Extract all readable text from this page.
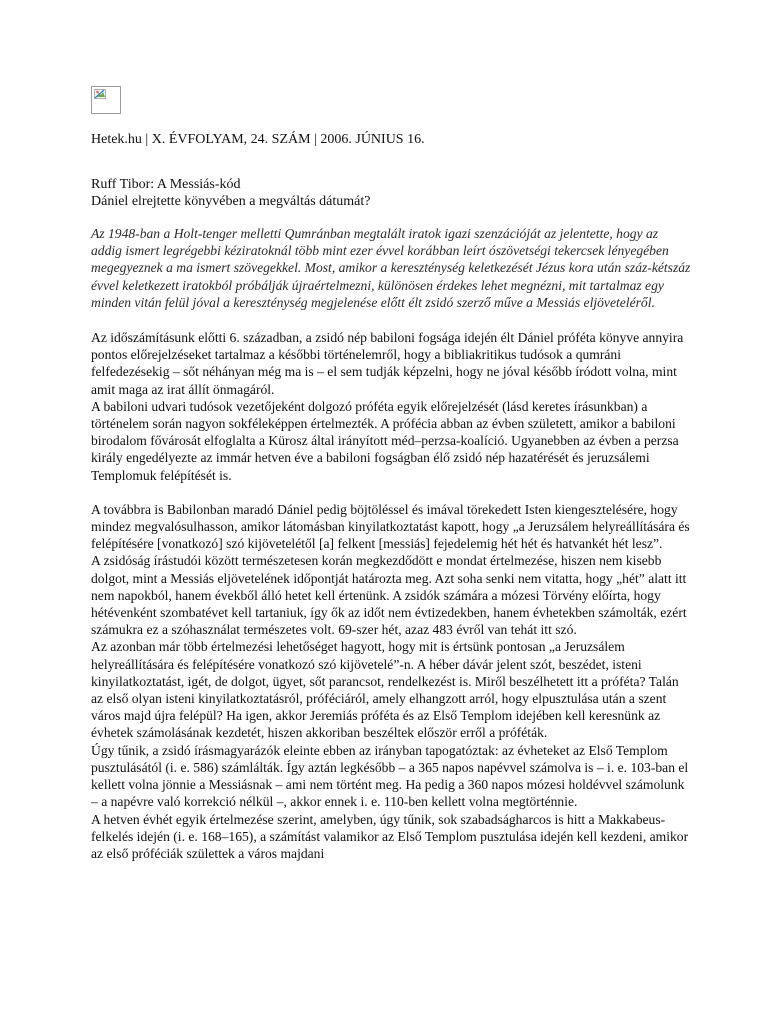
Hetek.hu | X. ÉVFOLYAM, 24. SZÁM | 2006. JÚNIUS 16.
Ruff Tibor: A Messiás-kód
Dániel elrejtette könyvében a megváltás dátumát?

Az 1948-ban a Holt-tenger melletti Qumránban megtalált iratok igazi szenzációját az jelentette, hogy az addig ismert legrégebbi kéziratoknál több mint ezer évvel korábban leírt ószövetségi tekercsek lényegében megegyeznek a ma ismert szövegekkel. Most, amikor a kereszténység keletkezését Jézus kora után száz-kétszáz évvel keletkezett iratokból próbálják újraértelmezni, különösen érdekes lehet megnézni, mit tartalmaz egy minden vitán felül jóval a kereszténység megjelenése előtt élt zsidó szerző műve a Messiás eljöveteléről.

Az időszámításunk előtti 6. században, a zsidó nép babiloni fogsága idején élt Dániel próféta könyve annyira pontos előrejelzéseket tartalmaz a későbbi történelemről, hogy a bibliakritikus tudósok a qumráni felfedezésekig – sőt néhányan még ma is – el sem tudják képzelni, hogy ne jóval később íródott volna, mint amit maga az irat állít önmagáról.

A babiloni udvari tudósok vezetőjeként dolgozó próféta egyik előrejelzését (lásd keretes írásunkban) a történelem során nagyon sokféleképpen értelmezték. A prófécia abban az évben született, amikor a babiloni birodalom fővárosát elfoglalta a Kürosz által irányított méd–perzsa-koalíció. Ugyanebben az évben a perzsa király engedélyezte az immár hetven éve a babiloni fogságban élő zsidó nép hazatérését és jeruzsálemi Templomuk felépítését is.

A továbbra is Babilonban maradó Dániel pedig böjtöléssel és imával törekedett Isten kiengesztelésére, hogy mindez megvalósulhasson, amikor látomásban kinyilatkoztatást kapott, hogy „a Jeruzsálem helyreállítására és felépítésére [vonatkozó] szó kijövetelétől [a] felkent [messiás] fejedelemig hét hét és hatvankét hét lesz”.

A zsidóság írástudói között természetesen korán megkezdődött e mondat értelmezése, hiszen nem kisebb dolgot, mint a Messiás eljövetelének időpontját határozta meg. Azt soha senki nem vitatta, hogy „hét” alatt itt nem napokból, hanem évekből álló hetet kell értenünk. A zsidók számára a mózesi Törvény előírta, hogy hétévenként szombatévet kell tartaniuk, így ők az időt nem évtizedekben, hanem évhetekben számolták, ezért számukra ez a szóhasználat természetes volt. 69-szer hét, azaz 483 évről van tehát itt szó.

Az azonban már több értelmezési lehetőséget hagyott, hogy mit is értsünk pontosan „a Jeruzsálem helyreállítására és felépítésére vonatkozó szó kijövetelé”-n. A héber dávár jelent szót, beszédet, isteni kinyilatkoztatást, igét, de dolgot, ügyet, sőt parancsot, rendelkezést is. Miről beszélhetett itt a próféta? Talán az első olyan isteni kinyilatkoztatásról, próféciáról, amely elhangzott arról, hogy elpusztulása után a szent város majd újra felépül? Ha igen, akkor Jeremiás próféta és az Első Templom idejében kell keresnünk az évhetek számolásának kezdetét, hiszen akkoriban beszéltek először erről a próféták.

Úgy tűnik, a zsidó írásmagyarázók eleinte ebben az irányban tapogatóztak: az évheteket az Első Templom pusztulásától (i. e. 586) számlálták. Így aztán legkésőbb – a 365 napos napévvel számolva is – i. e. 103-ban el kellett volna jönnie a Messiásnak – ami nem történt meg. Ha pedig a 360 napos mózesi holdévvel számolunk – a napévre való korrekció nélkül –, akkor ennek i. e. 110-ben kellett volna megtörténnie.

A hetven évhét egyik értelmezése szerint, amelyben, úgy tűnik, sok szabadságharcos is hitt a Makkabeus-felkelés idején (i. e. 168–165), a számítást valamikor az Első Templom pusztulása idején kell kezdeni, amikor az első próféciák születtek a város majdani
